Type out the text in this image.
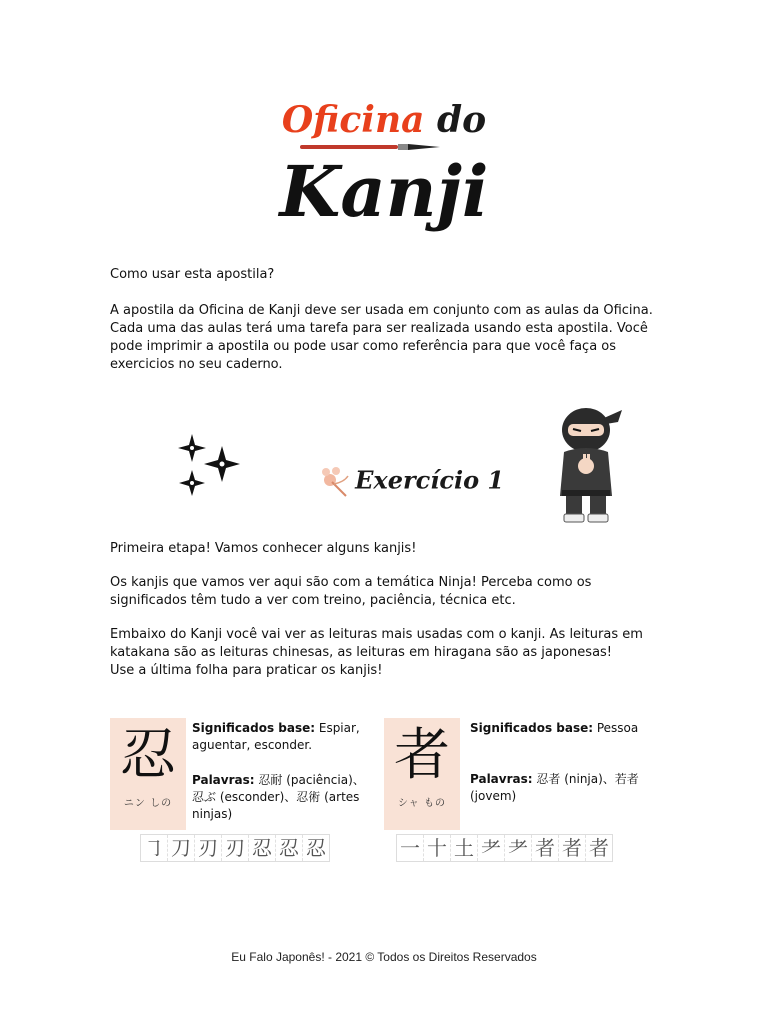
Oficina do
Kanji

Como usar esta apostila?

A apostila da Oficina de Kanji deve ser usada em conjunto com as aulas da Oficina. Cada uma das aulas terá uma tarefa para ser realizada usando esta apostila. Você pode imprimir a apostila ou pode usar como referência para que você faça os exercicios no seu caderno.

Exercício 1

Primeira etapa! Vamos conhecer alguns kanjis!

Os kanjis que vamos ver aqui são com a temática Ninja! Perceba como os significados têm tudo a ver com treino, paciência, técnica etc.

Embaixo do Kanji você vai ver as leituras mais usadas com o kanji. As leituras em katakana são as leituras chinesas, as leituras em hiragana são as japonesas!

Use a última folha para praticar os kanjis!

忍
ニン しの
Significados base: Espiar, aguentar, esconder.
Palavras: 忍耐 (paciência)、忍ぶ (esconder)、忍術 (artes ninjas)
㇆ 刀 刃 刃 忍 忍 忍
者
シャ もの
Significados base: Pessoa
Palavras: 忍者 (ninja)、若者 (jovem)
一 十 土 耂 耂 者 者 者
Eu Falo Japonês! - 2021 © Todos os Direitos Reservados
